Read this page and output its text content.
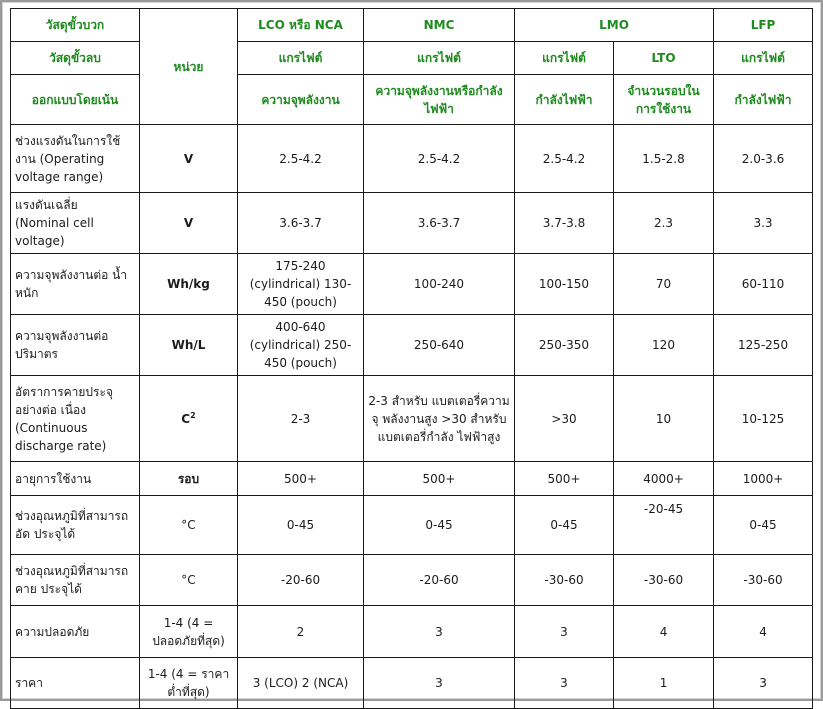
วัสดุขั้วบวก	หน่วย	LCO หรือ NCA	NMC	LMO		LFP
วัสดุขั้วลบ		แกรไฟต์	แกรไฟต์	แกรไฟต์	LTO	แกรไฟต์
ออกแบบโดยเน้น		ความจุพลังงาน	ความจุพลังงานหรือกำลัง ไฟฟ้า	กำลังไฟฟ้า	จำนวนรอบใน การใช้งาน	กำลังไฟฟ้า
ช่วงแรงดันในการใช้ งาน (Operating voltage range)	V	2.5-4.2	2.5-4.2	2.5-4.2	1.5-2.8	2.0-3.6
แรงดันเฉลี่ย (Nominal cell voltage)	V	3.6-3.7	3.6-3.7	3.7-3.8	2.3	3.3
ความจุพลังงานต่อ น้ำหนัก	Wh/kg	175-240 (cylindrical) 130-450 (pouch)	100-240	100-150	70	60-110
ความจุพลังงานต่อ ปริมาตร	Wh/L	400-640 (cylindrical) 250-450 (pouch)	250-640	250-350	120	125-250
อัตราการคายประจุ อย่างต่อ เนื่อง (Continuous discharge rate)	$C^2$	2-3	2-3 สำหรับ แบตเตอรี่ความ จุ พลังงานสูง >30 สำหรับ แบตเตอรี่กำลัง ไฟฟ้าสูง	>30	10	10-125
อายุการใช้งาน	รอบ	500+	500+	500+	4000+	1000+
ช่วงอุณหภูมิที่สามารถ อัด ประจุได้	°C	0-45	0-45	0-45	-20-45	0-45
ช่วงอุณหภูมิที่สามารถ คาย ประจุได้	°C	-20-60	-20-60	-30-60	-30-60	-30-60
ความปลอดภัย	1-4 (4 = ปลอดภัยที่สุด)	2	3	3	4	4
ราคา	1-4 (4 = ราคา ต่ำที่สุด)	3 (LCO) 2 (NCA)	3	3	1	3
